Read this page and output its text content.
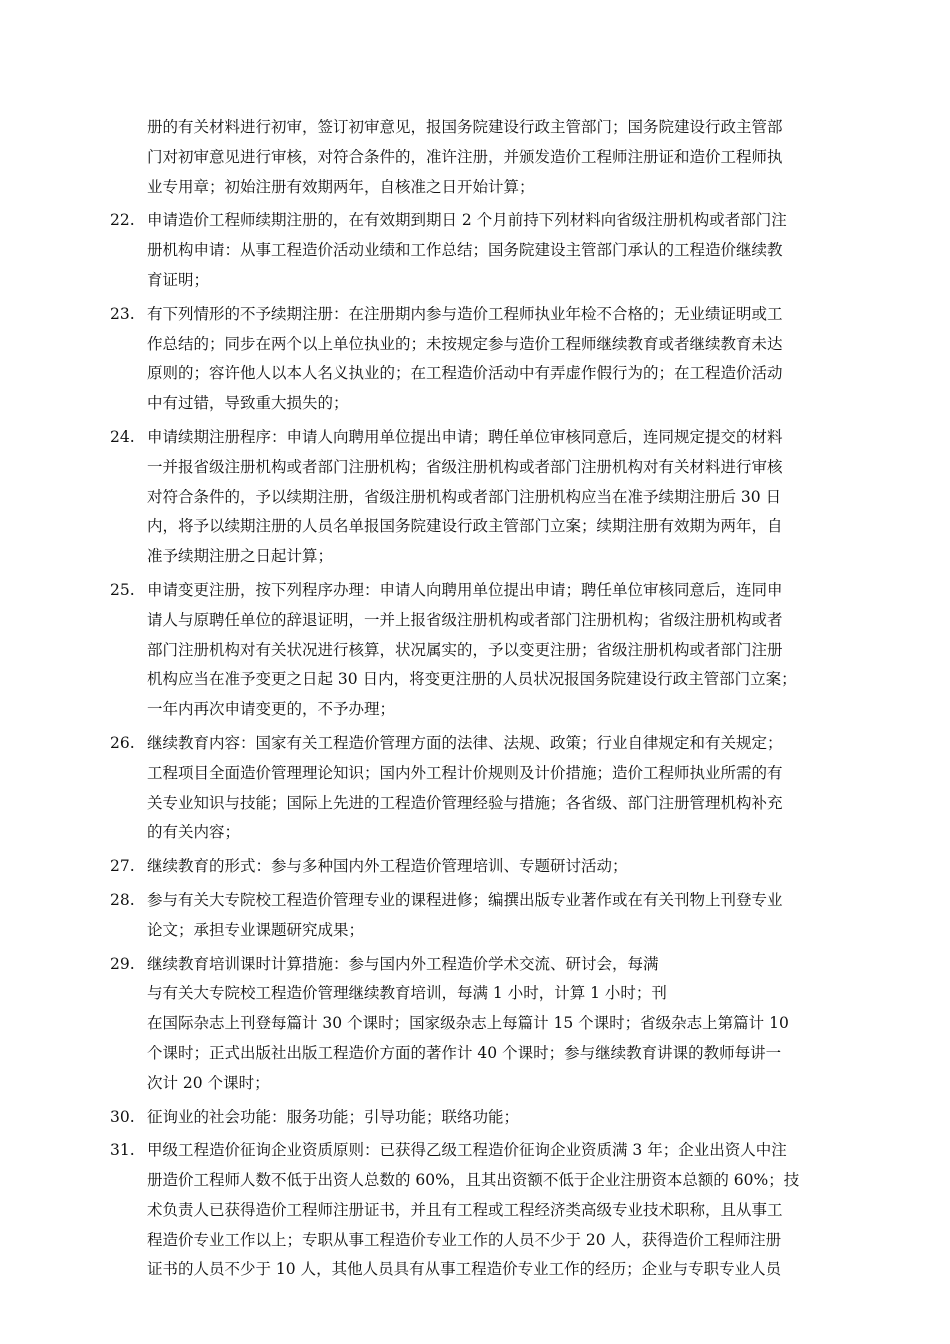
册的有关材料进行初审，签订初审意见，报国务院建设行政主管部门；国务院建设行政主管部
门对初审意见进行审核，对符合条件的，准许注册，并颁发造价工程师注册证和造价工程师执
业专用章；初始注册有效期两年，自核准之日开始计算；
22. 申请造价工程师续期注册的，在有效期到期日 2 个月前持下列材料向省级注册机构或者部门注
册机构申请：从事工程造价活动业绩和工作总结；国务院建设主管部门承认的工程造价继续教
育证明；
23. 有下列情形的不予续期注册：在注册期内参与造价工程师执业年检不合格的；无业绩证明或工
作总结的；同步在两个以上单位执业的；未按规定参与造价工程师继续教育或者继续教育未达
原则的；容许他人以本人名义执业的；在工程造价活动中有弄虚作假行为的；在工程造价活动
中有过错，导致重大损失的；
24. 申请续期注册程序：申请人向聘用单位提出申请；聘任单位审核同意后，连同规定提交的材料
一并报省级注册机构或者部门注册机构；省级注册机构或者部门注册机构对有关材料进行审核
对符合条件的，予以续期注册，省级注册机构或者部门注册机构应当在准予续期注册后 30 日
内，将予以续期注册的人员名单报国务院建设行政主管部门立案；续期注册有效期为两年，自
准予续期注册之日起计算；
25. 申请变更注册，按下列程序办理：申请人向聘用单位提出申请；聘任单位审核同意后，连同申
请人与原聘任单位的辞退证明，一并上报省级注册机构或者部门注册机构；省级注册机构或者
部门注册机构对有关状况进行核算，状况属实的，予以变更注册；省级注册机构或者部门注册
机构应当在准予变更之日起 30 日内，将变更注册的人员状况报国务院建设行政主管部门立案；
一年内再次申请变更的，不予办理；
26. 继续教育内容：国家有关工程造价管理方面的法律、法规、政策；行业自律规定和有关规定；
工程项目全面造价管理理论知识；国内外工程计价规则及计价措施；造价工程师执业所需的有
关专业知识与技能；国际上先进的工程造价管理经验与措施；各省级、部门注册管理机构补充
的有关内容；
27. 继续教育的形式：参与多种国内外工程造价管理培训、专题研讨活动；
28. 参与有关大专院校工程造价管理专业的课程进修；编撰出版专业著作或在有关刊物上刊登专业
论文；承担专业课题研究成果；
29. 继续教育培训课时计算措施：参与国内外工程造价学术交流、研讨会，每满
与有关大专院校工程造价管理继续教育培训，每满 1 小时，计算 1 小时；刊
在国际杂志上刊登每篇计 30 个课时；国家级杂志上每篇计 15 个课时；省级杂志上第篇计 10
个课时；正式出版社出版工程造价方面的著作计 40 个课时；参与继续教育讲课的教师每讲一
次计 20 个课时；
30. 征询业的社会功能：服务功能；引导功能；联络功能；
31. 甲级工程造价征询企业资质原则：已获得乙级工程造价征询企业资质满 3 年；企业出资人中注
册造价工程师人数不低于出资人总数的 60%，且其出资额不低于企业注册资本总额的 60%；技
术负责人已获得造价工程师注册证书，并且有工程或工程经济类高级专业技术职称，且从事工
程造价专业工作以上；专职从事工程造价专业工作的人员不少于 20 人，获得造价工程师注册
证书的人员不少于 10 人，其他人员具有从事工程造价专业工作的经历；企业与专职专业人员
